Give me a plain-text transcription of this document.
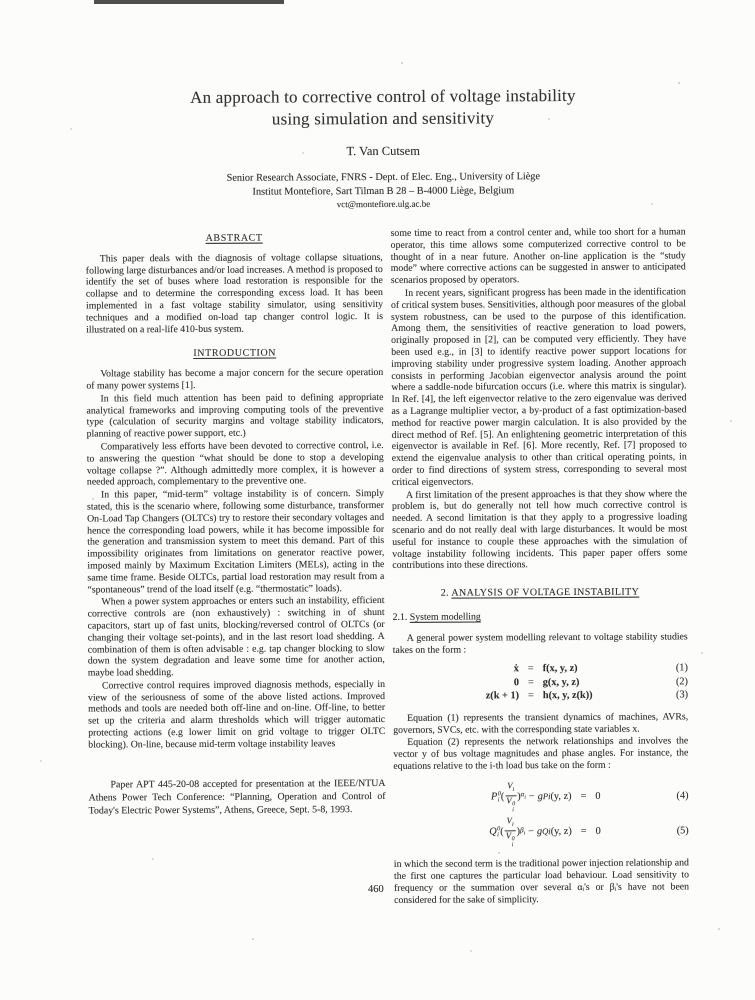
An approach to corrective control of voltage instability
using simulation and sensitivity
T. Van Cutsem
Senior Research Associate, FNRS - Dept. of Elec. Eng., University of Liège
Institut Montefiore, Sart Tilman B 28 – B-4000 Liège, Belgium
vct@montefiore.ulg.ac.be
ABSTRACT

This paper deals with the diagnosis of voltage collapse situations, following large disturbances and/or load increases. A method is proposed to identify the set of buses where load restoration is responsible for the collapse and to determine the corresponding excess load. It has been implemented in a fast voltage stability simulator, using sensitivity techniques and a modified on-load tap changer control logic. It is illustrated on a real-life 410-bus system.

INTRODUCTION

Voltage stability has become a major concern for the secure operation of many power systems [1].

In this field much attention has been paid to defining appropriate analytical frameworks and improving computing tools of the preventive type (calculation of security margins and voltage stability indicators, planning of reactive power support, etc.)

Comparatively less efforts have been devoted to corrective control, i.e. to answering the question “what should be done to stop a developing voltage collapse ?”. Although admittedly more complex, it is however a needed approach, complementary to the preventive one.

In this paper, “mid-term” voltage instability is of concern. Simply stated, this is the scenario where, following some disturbance, transformer On-Load Tap Changers (OLTCs) try to restore their secondary voltages and hence the corresponding load powers, while it has become impossible for the generation and transmission system to meet this demand. Part of this impossibility originates from limitations on generator reactive power, imposed mainly by Maximum Excitation Limiters (MELs), acting in the same time frame. Beside OLTCs, partial load restoration may result from a “spontaneous” trend of the load itself (e.g. “thermostatic” loads).

When a power system approaches or enters such an instability, efficient corrective controls are (non exhaustively) : switching in of shunt capacitors, start up of fast units, blocking/reversed control of OLTCs (or changing their voltage set-points), and in the last resort load shedding. A combination of them is often advisable : e.g. tap changer blocking to slow down the system degradation and leave some time for another action, maybe load shedding.

Corrective control requires improved diagnosis methods, especially in view of the seriousness of some of the above listed actions. Improved methods and tools are needed both off-line and on-line. Off-line, to better set up the criteria and alarm thresholds which will trigger automatic protecting actions (e.g lower limit on grid voltage to trigger OLTC blocking). On-line, because mid-term voltage instability leaves

Paper APT 445-20-08 accepted for presentation at the IEEE/NTUA Athens Power Tech Conference: “Planning, Operation and Control of Today's Electric Power Systems”, Athens, Greece, Sept. 5-8, 1993.

some time to react from a control center and, while too short for a human operator, this time allows some computerized corrective control to be thought of in a near future. Another on-line application is the “study mode” where corrective actions can be suggested in answer to anticipated scenarios proposed by operators.

In recent years, significant progress has been made in the identification of critical system buses. Sensitivities, although poor measures of the global system robustness, can be used to the purpose of this identification. Among them, the sensitivities of reactive generation to load powers, originally proposed in [2], can be computed very efficiently. They have been used e.g., in [3] to identify reactive power support locations for improving stability under progressive system loading. Another approach consists in performing Jacobian eigenvector analysis around the point where a saddle-node bifurcation occurs (i.e. where this matrix is singular). In Ref. [4], the left eigenvector relative to the zero eigenvalue was derived as a Lagrange multiplier vector, a by-product of a fast optimization-based method for reactive power margin calculation. It is also provided by the direct method of Ref. [5]. An enlightening geometric interpretation of this eigenvector is available in Ref. [6]. More recently, Ref. [7] proposed to extend the eigenvalue analysis to other than critical operating points, in order to find directions of system stress, corresponding to several most critical eigenvectors.

A first limitation of the present approaches is that they show where the problem is, but do generally not tell how much corrective control is needed. A second limitation is that they apply to a progressive loading scenario and do not really deal with large disturbances. It would be most useful for instance to couple these approaches with the simulation of voltage instability following incidents. This paper paper offers some contributions into these directions.

2. ANALYSIS OF VOLTAGE INSTABILITY
2.1. System modelling

A general power system modelling relevant to voltage stability studies takes on the form :

ẋ = f(x, y, z)	(1)
0 = g(x, y, z)	(2)
z(k + 1) = h(x, y, z(k))	(3)

Equation (1) represents the transient dynamics of machines, AVRs, governors, SVCs, etc. with the corresponding state variables x.

Equation (2) represents the network relationships and involves the vector y of bus voltage magnitudes and phase angles. For instance, the equations relative to the i-th load bus take on the form :

P 0
i ( $V_i$
V 0
i ) $\alpha_i - g$ Pi (y, z) = 0	(4)
Q 0
i ( $V_i$
V 0
i ) $\beta_i - g$ Qi (y, z) = 0	(5)

in which the second term is the traditional power injection relationship and the first one captures the particular load behaviour. Load sensitivity to frequency or the summation over several αᵢ's or βᵢ's have not been considered for the sake of simplicity.

460
